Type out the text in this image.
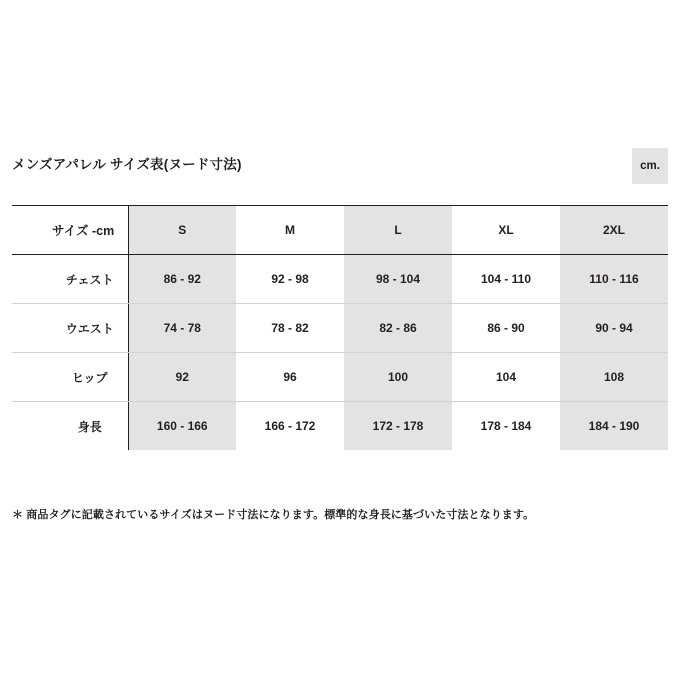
メンズアパレル サイズ表(ヌード寸法)	cm.
サイズ -cm	S	M	L	XL	2XL
チェスト	86 - 92	92 - 98	98 - 104	104 - 110	110 - 116
ウエスト	74 - 78	78 - 82	82 - 86	86 - 90	90 - 94
ヒップ	92	96	100	104	108
身長	160 - 166	166 - 172	172 - 178	178 - 184	184 - 190
＊ 商品タグに記載されているサイズはヌード寸法になります。標準的な身長に基づいた寸法となります。
